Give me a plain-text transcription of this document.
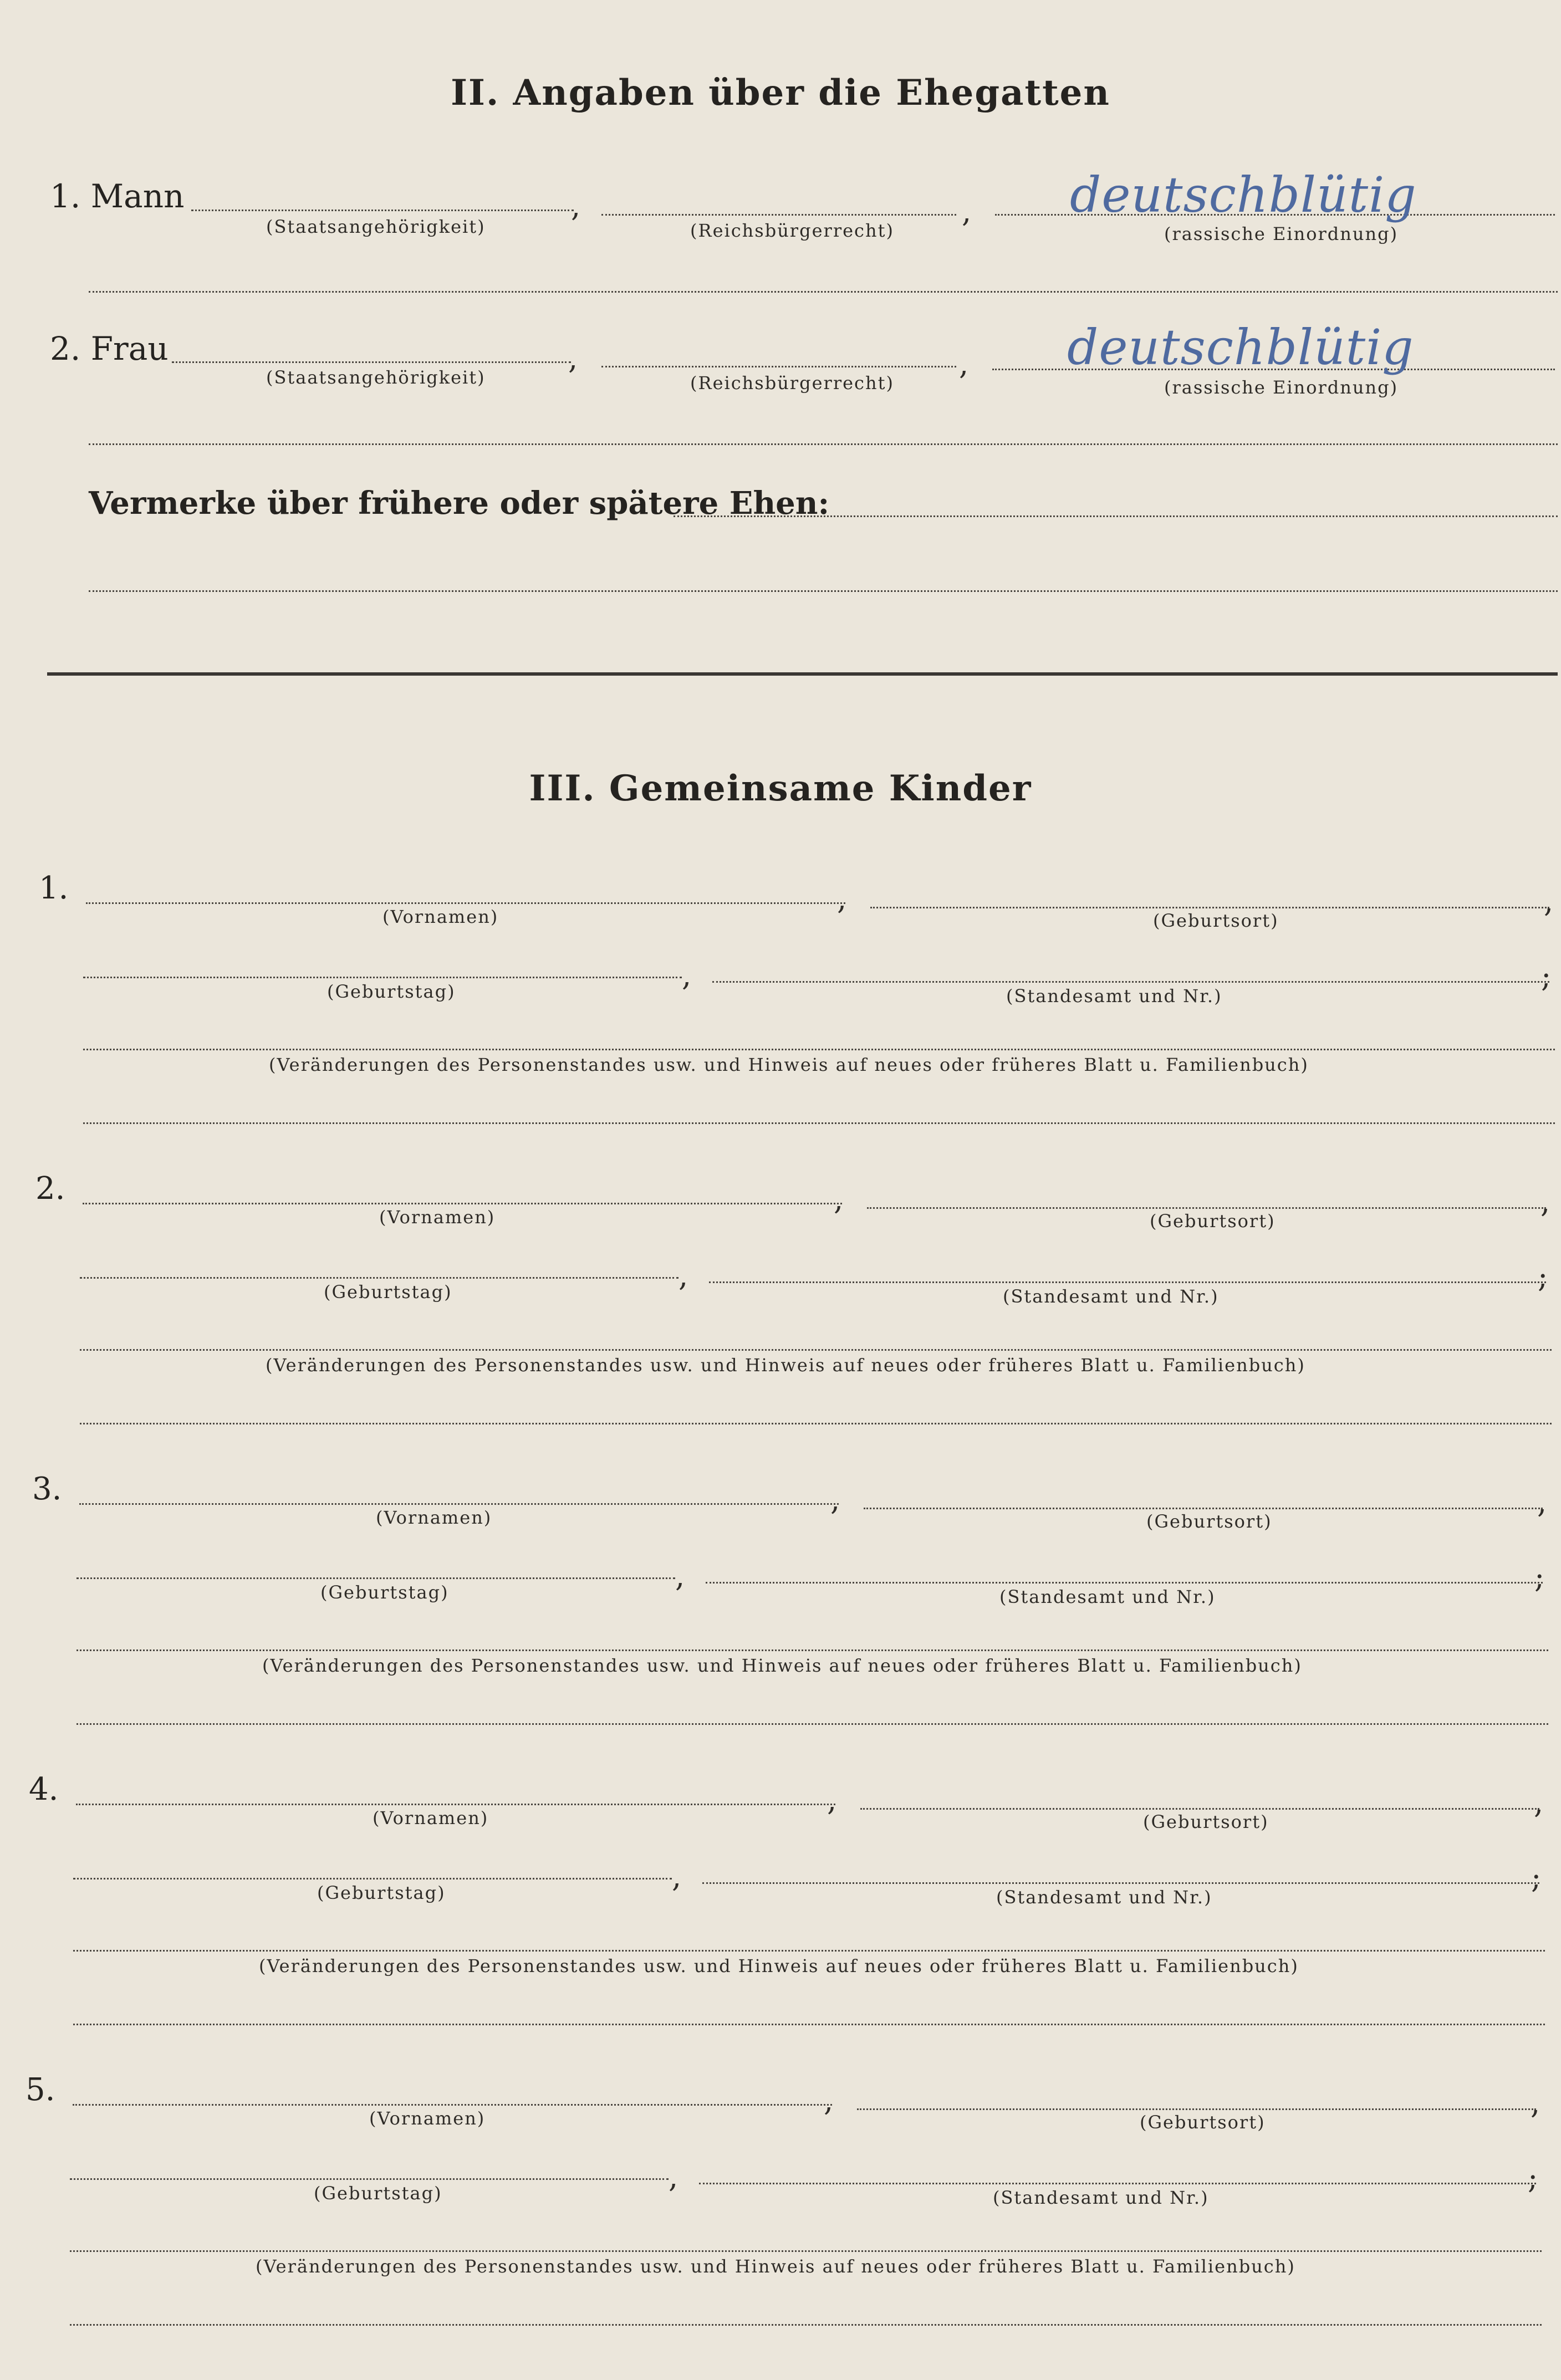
II. Angaben über die Ehegatten
1. Mann	,	, deutschblütig
(Staatsangehörigkeit)	(Reichsbürgerrecht)	(rassische Einordnung)
2. Frau	,	, deutschblütig
(Staatsangehörigkeit)	(Reichsbürgerrecht)	(rassische Einordnung)
Vermerke über frühere oder spätere Ehen:
III. Gemeinsame Kinder
1.	,	,
(Vornamen)	(Geburtsort)
,	;
(Geburtstag)	(Standesamt und Nr.)
(Veränderungen des Personenstandes usw. und Hinweis auf neues oder früheres Blatt u. Familienbuch)
2.	,	,
(Vornamen)	(Geburtsort)
,	;
(Geburtstag)	(Standesamt und Nr.)
(Veränderungen des Personenstandes usw. und Hinweis auf neues oder früheres Blatt u. Familienbuch)
3.	,	,
(Vornamen)	(Geburtsort)
,	;
(Geburtstag)	(Standesamt und Nr.)
(Veränderungen des Personenstandes usw. und Hinweis auf neues oder früheres Blatt u. Familienbuch)
4.	,	,
(Vornamen)	(Geburtsort)
,	;
(Geburtstag)	(Standesamt und Nr.)
(Veränderungen des Personenstandes usw. und Hinweis auf neues oder früheres Blatt u. Familienbuch)
5.	,	,
(Vornamen)	(Geburtsort)
,	;
(Geburtstag)	(Standesamt und Nr.)
(Veränderungen des Personenstandes usw. und Hinweis auf neues oder früheres Blatt u. Familienbuch)
